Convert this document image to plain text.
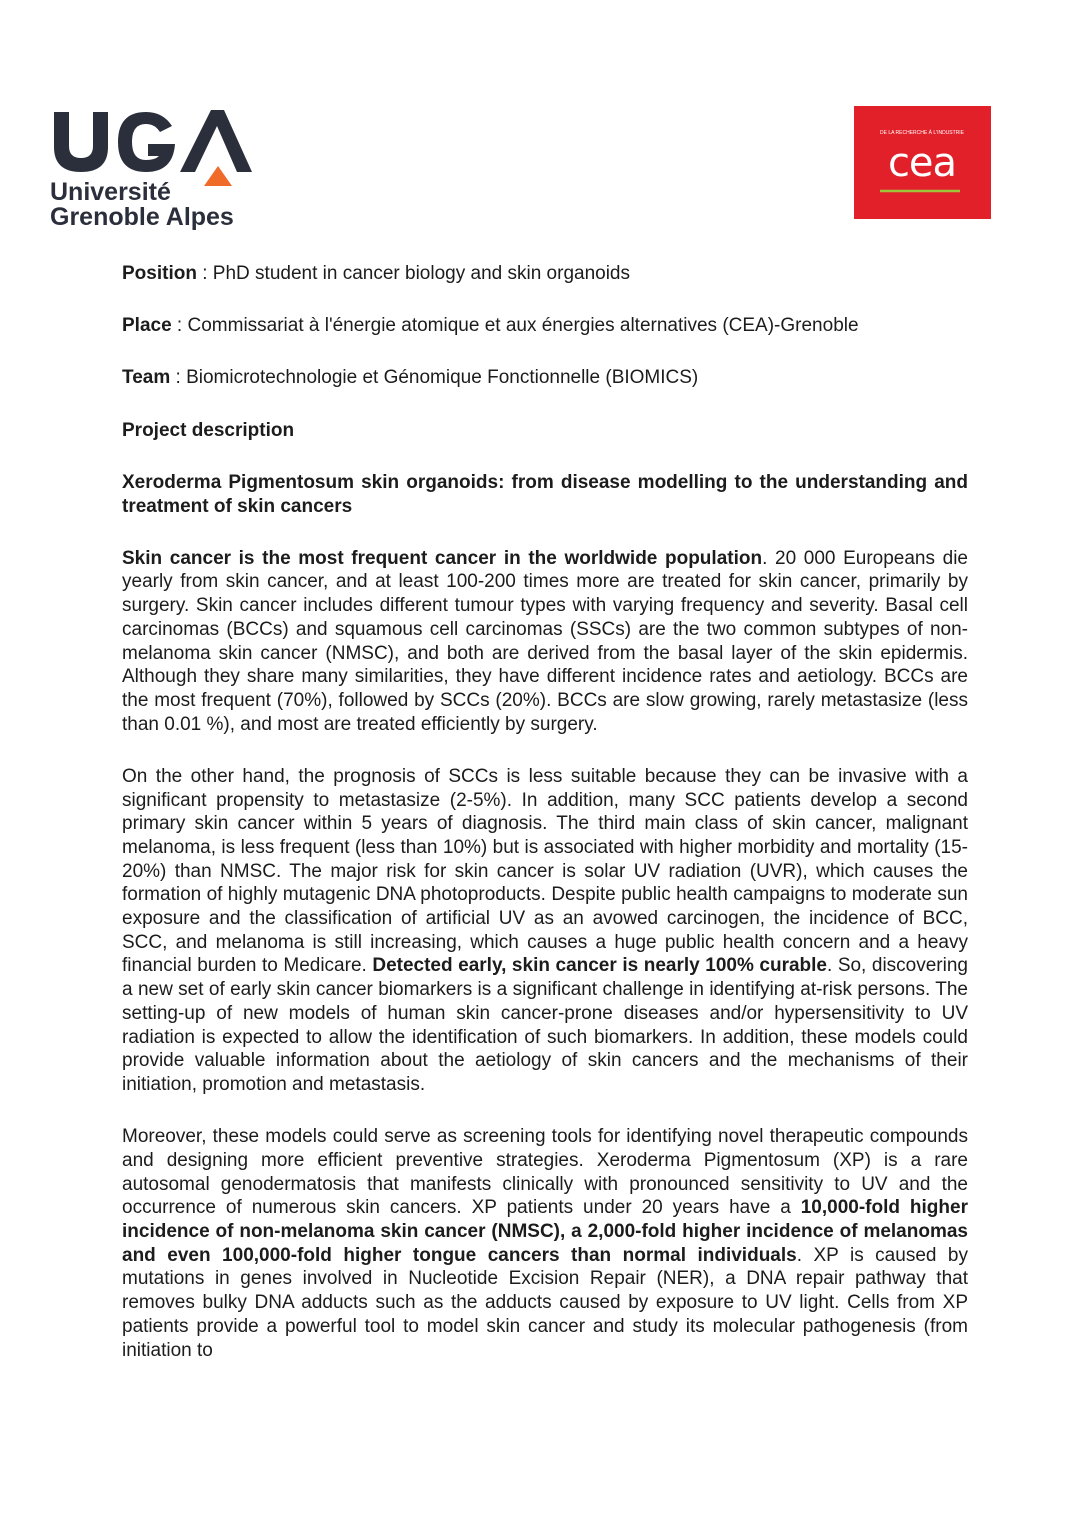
Université
Grenoble Alpes
DE LA RECHERCHE À L'INDUSTRIE
cea

Position : PhD student in cancer biology and skin organoids

Place : Commissariat à l'énergie atomique et aux énergies alternatives (CEA)-Grenoble

Team : Biomicrotechnologie et Génomique Fonctionnelle (BIOMICS)

Project description

Xeroderma Pigmentosum skin organoids: from disease modelling to the understanding and treatment of skin cancers

Skin cancer is the most frequent cancer in the worldwide population. 20 000 Europeans die yearly from skin cancer, and at least 100-200 times more are treated for skin cancer, primarily by surgery. Skin cancer includes different tumour types with varying frequency and severity. Basal cell carcinomas (BCCs) and squamous cell carcinomas (SSCs) are the two common subtypes of non-melanoma skin cancer (NMSC), and both are derived from the basal layer of the skin epidermis. Although they share many similarities, they have different incidence rates and aetiology. BCCs are the most frequent (70%), followed by SCCs (20%). BCCs are slow growing, rarely metastasize (less than 0.01 %), and most are treated efficiently by surgery.

On the other hand, the prognosis of SCCs is less suitable because they can be invasive with a significant propensity to metastasize (2-5%). In addition, many SCC patients develop a second primary skin cancer within 5 years of diagnosis. The third main class of skin cancer, malignant melanoma, is less frequent (less than 10%) but is associated with higher morbidity and mortality (15-20%) than NMSC. The major risk for skin cancer is solar UV radiation (UVR), which causes the formation of highly mutagenic DNA photoproducts. Despite public health campaigns to moderate sun exposure and the classification of artificial UV as an avowed carcinogen, the incidence of BCC, SCC, and melanoma is still increasing, which causes a huge public health concern and a heavy financial burden to Medicare. Detected early, skin cancer is nearly 100% curable. So, discovering a new set of early skin cancer biomarkers is a significant challenge in identifying at-risk persons. The setting-up of new models of human skin cancer-prone diseases and/or hypersensitivity to UV radiation is expected to allow the identification of such biomarkers. In addition, these models could provide valuable information about the aetiology of skin cancers and the mechanisms of their initiation, promotion and metastasis.

Moreover, these models could serve as screening tools for identifying novel therapeutic compounds and designing more efficient preventive strategies. Xeroderma Pigmentosum (XP) is a rare autosomal genodermatosis that manifests clinically with pronounced sensitivity to UV and the occurrence of numerous skin cancers. XP patients under 20 years have a 10,000-fold higher incidence of non-melanoma skin cancer (NMSC), a 2,000-fold higher incidence of melanomas and even 100,000-fold higher tongue cancers than normal individuals. XP is caused by mutations in genes involved in Nucleotide Excision Repair (NER), a DNA repair pathway that removes bulky DNA adducts such as the adducts caused by exposure to UV light. Cells from XP patients provide a powerful tool to model skin cancer and study its molecular pathogenesis (from initiation to
